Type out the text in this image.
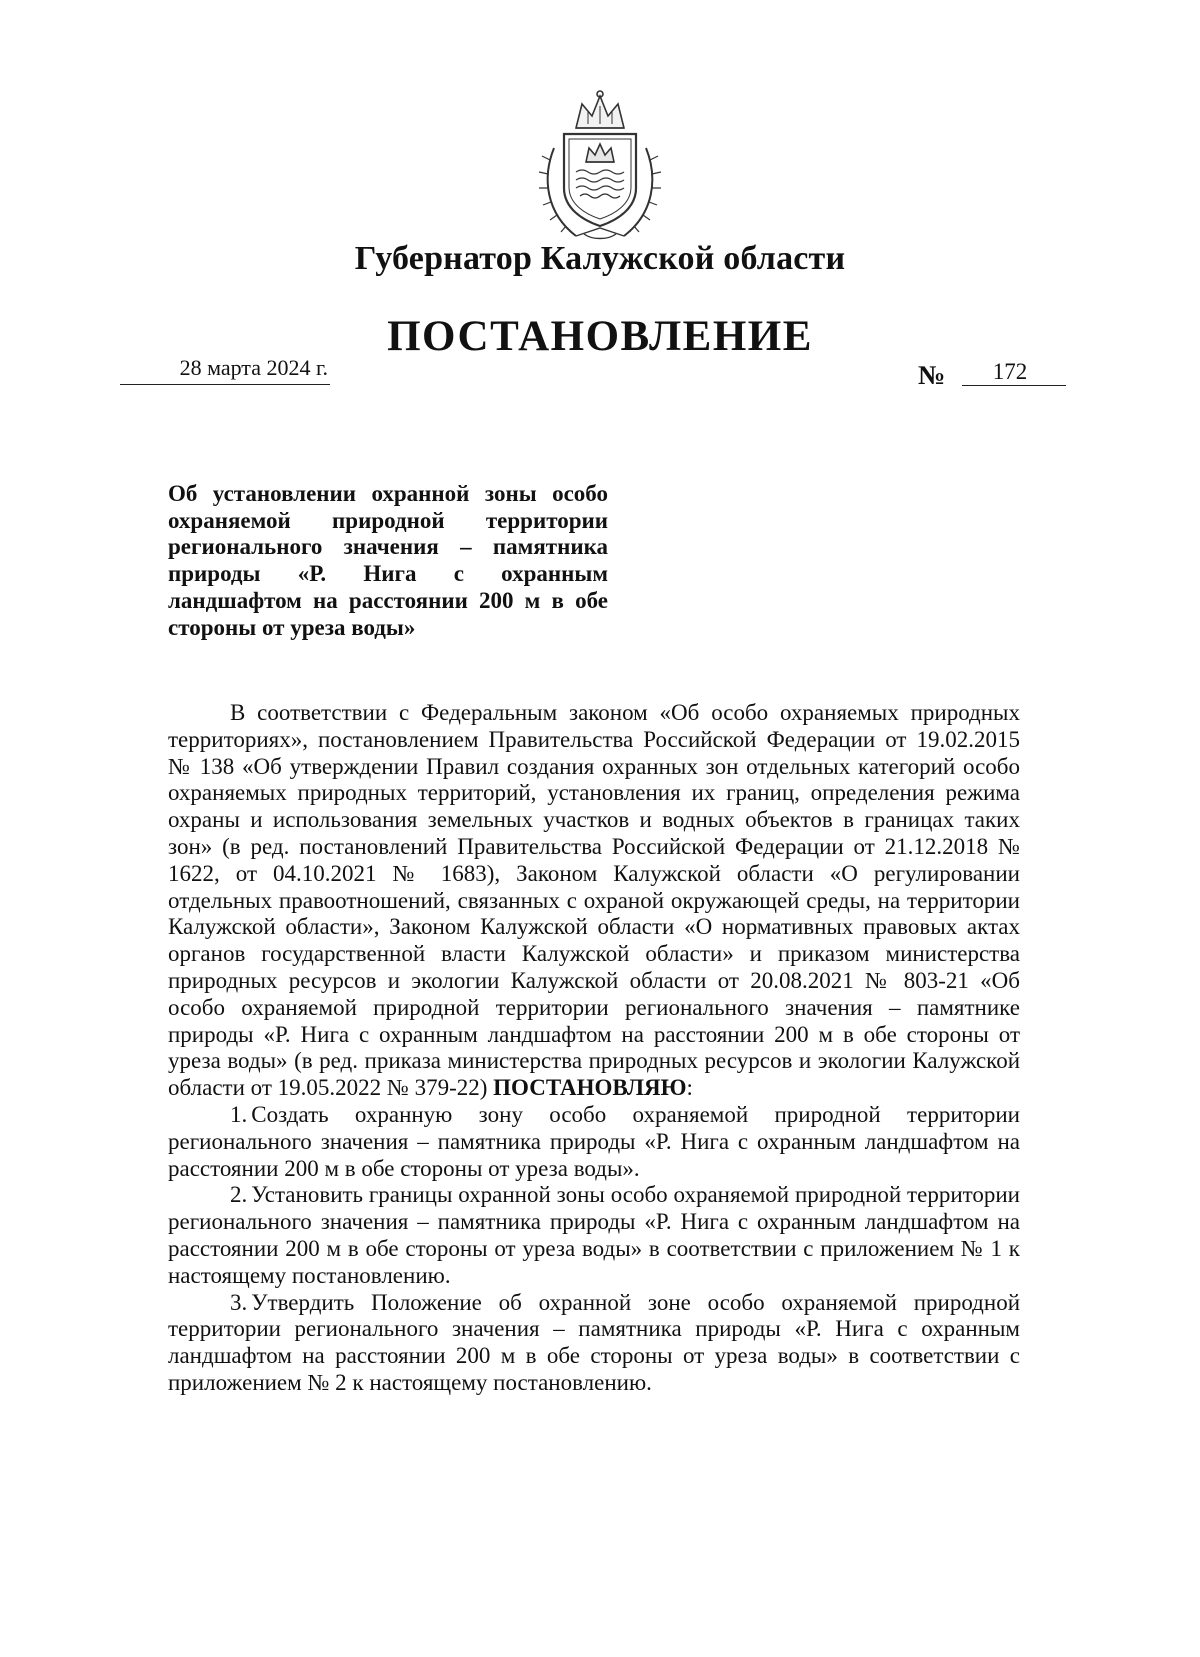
Губернатор Калужской области
ПОСТАНОВЛЕНИЕ
28 марта 2024 г.	№	172

Об установлении охранной зоны особо охраняемой природной территории регионального значения – памятника природы «Р. Нига с охранным ландшафтом на расстоянии 200 м в обе стороны от уреза воды»

В соответствии с Федеральным законом «Об особо охраняемых природных территориях», постановлением Правительства Российской Федерации от 19.02.2015 № 138 «Об утверждении Правил создания охранных зон отдельных категорий особо охраняемых природных территорий, установления их границ, определения режима охраны и использования земельных участков и водных объектов в границах таких зон» (в ред. постановлений Правительства Российской Федерации от 21.12.2018 № 1622, от 04.10.2021 № 1683), Законом Калужской области «О регулировании отдельных правоотношений, связанных с охраной окружающей среды, на территории Калужской области», Законом Калужской области «О нормативных правовых актах органов государственной власти Калужской области» и приказом министерства природных ресурсов и экологии Калужской области от 20.08.2021 № 803-21 «Об особо охраняемой природной территории регионального значения – памятнике природы «Р. Нига с охранным ландшафтом на расстоянии 200 м в обе стороны от уреза воды» (в ред. приказа министерства природных ресурсов и экологии Калужской области от 19.05.2022 № 379-22) ПОСТАНОВЛЯЮ:

1. Создать охранную зону особо охраняемой природной территории регионального значения – памятника природы «Р. Нига с охранным ландшафтом на расстоянии 200 м в обе стороны от уреза воды».

2. Установить границы охранной зоны особо охраняемой природной территории регионального значения – памятника природы «Р. Нига с охранным ландшафтом на расстоянии 200 м в обе стороны от уреза воды» в соответствии с приложением № 1 к настоящему постановлению.

3. Утвердить Положение об охранной зоне особо охраняемой природной территории регионального значения – памятника природы «Р. Нига с охранным ландшафтом на расстоянии 200 м в обе стороны от уреза воды» в соответствии с приложением № 2 к настоящему постановлению.
